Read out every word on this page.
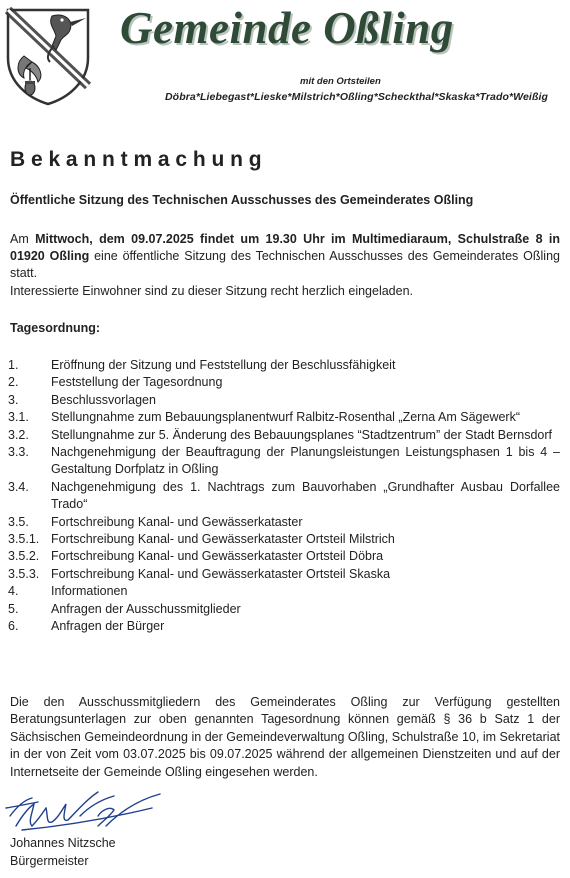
Gemeinde Oßling
mit den Ortsteilen
Döbra*Liebegast*Lieske*Milstrich*Oßling*Scheckthal*Skaska*Trado*Weißig
Bekanntmachung
Öffentliche Sitzung des Technischen Ausschusses des Gemeinderates Oßling
Am Mittwoch, dem 09.07.2025 findet um 19.30 Uhr im Multimediaraum, Schulstraße 8 in 01920 Oßling eine öffentliche Sitzung des Technischen Ausschusses des Gemeinderates Oßling statt.
Interessierte Einwohner sind zu dieser Sitzung recht herzlich eingeladen.
Tagesordnung:
1.	Eröffnung der Sitzung und Feststellung der Beschlussfähigkeit
2.	Feststellung der Tagesordnung
3.	Beschlussvorlagen
3.1.	Stellungnahme zum Bebauungsplanentwurf Ralbitz-Rosenthal „Zerna Am Sägewerk“
3.2.	Stellungnahme zur 5. Änderung des Bebauungsplanes “Stadtzentrum” der Stadt Bernsdorf
3.3.	Nachgenehmigung der Beauftragung der Planungsleistungen Leistungsphasen 1 bis 4 – Gestaltung Dorfplatz in Oßling
3.4.	Nachgenehmigung des 1. Nachtrags zum Bauvorhaben „Grundhafter Ausbau Dorfallee Trado“
3.5.	Fortschreibung Kanal- und Gewässerkataster
3.5.1. Fortschreibung Kanal- und Gewässerkataster Ortsteil Milstrich
3.5.2. Fortschreibung Kanal- und Gewässerkataster Ortsteil Döbra
3.5.3. Fortschreibung Kanal- und Gewässerkataster Ortsteil Skaska
4.	Informationen
5.	Anfragen der Ausschussmitglieder
6.	Anfragen der Bürger
Die den Ausschussmitgliedern des Gemeinderates Oßling zur Verfügung gestellten Beratungsunterlagen zur oben genannten Tagesordnung können gemäß § 36 b Satz 1 der Sächsischen Gemeindeordnung in der Gemeindeverwaltung Oßling, Schulstraße 10, im Sekretariat in der von Zeit vom 03.07.2025 bis 09.07.2025 während der allgemeinen Dienstzeiten und auf der Internetseite der Gemeinde Oßling eingesehen werden.
Johannes Nitzsche
Bürgermeister
